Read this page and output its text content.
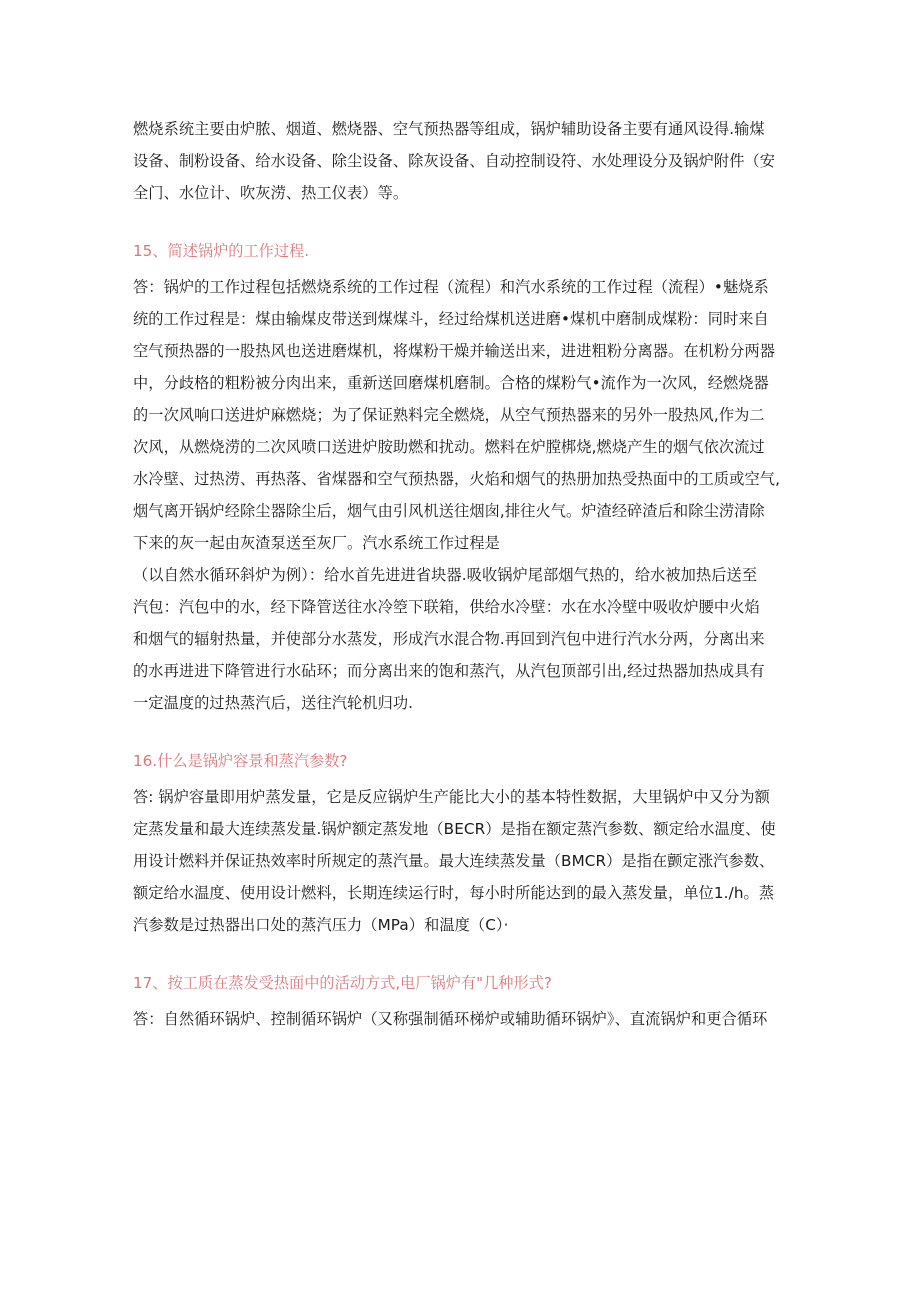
燃烧系统主要由炉脓、烟道、燃烧器、空气预热器等组成，锅炉辅助设备主要有通风设得.输煤
设备、制粉设备、给水设备、除尘设备、除灰设备、自动控制设符、水处理设分及锅炉附件（安
全门、水位计、吹灰涝、热工仪表）等。
15、简述锅炉的工作过程.
答：锅炉的工作过程包括燃烧系统的工作过程（流程）和汽水系统的工作过程（流程）•魅烧系
统的工作过程是：煤由输煤皮带送到煤煤斗，经过给煤机送进磨•煤机中磨制成煤粉：同时来自
空气预热器的一股热风也送进磨煤机，将煤粉干燥并输送出来，进进粗粉分离器。在机粉分两器
中，分歧格的粗粉被分肉出来，重新送回磨煤机磨制。合格的煤粉气•流作为一次风，经燃烧器
的一次风响口送进炉麻燃烧；为了保证熟料完全燃烧，从空气预热器来的另外一股热风,作为二
次风，从燃烧涝的二次风喷口送进炉胺助燃和扰动。燃料在炉膛梆烧,燃烧产生的烟气依次流过
水冷壁、过热涝、再热落、省煤器和空气预热器，火焰和烟气的热册加热受热面中的工质或空气,
烟气离开锅炉经除尘器除尘后，烟气由引风机送往烟囱,排往火气。炉渣经碎渣后和除尘涝清除
下来的灰一起由灰渣泵送至灰厂。汽水系统工作过程是
（以自然水循环斜炉为例）：给水首先进进省块器.吸收锅炉尾部烟气热的，给水被加热后送至
汽包：汽包中的水，经下降管送往水冷箜下联箱，供给水冷壁：水在水冷壁中吸收炉腰中火焰
和烟气的辐射热量，并使部分水蒸发，形成汽水混合物.再回到汽包中进行汽水分两，分离出来
的水再进进下降管进行水砧环；而分离出来的饱和蒸汽，从汽包顶部引出,经过热器加热成具有
一定温度的过热蒸汽后，送往汽轮机归功.
16.什么是锅炉容景和蒸汽参数?
答: 锅炉容量即用炉蒸发量，它是反应锅炉生产能比大小的基本特性数据，大里锅炉中又分为额
定蒸发量和最大连续蒸发量.锅炉额定蒸发地（BECR）是指在额定蒸汽参数、额定给水温度、使
用设计燃料并保证热效率时所规定的蒸汽量。最大连续蒸发量（BMCR）是指在颤定涨汽参数、
额定给水温度、使用设计燃料，长期连续运行时，每小时所能达到的最入蒸发量，单位1./h。蒸
汽参数是过热器出口处的蒸汽压力（MPa）和温度（C）·
17、按工质在蒸发受热面中的活动方式,电厂锅炉有"几种形式?
答：自然循环锅炉、控制循环锅炉（又称强制循环梯炉或辅助循环锅炉》、直流锅炉和更合循环
